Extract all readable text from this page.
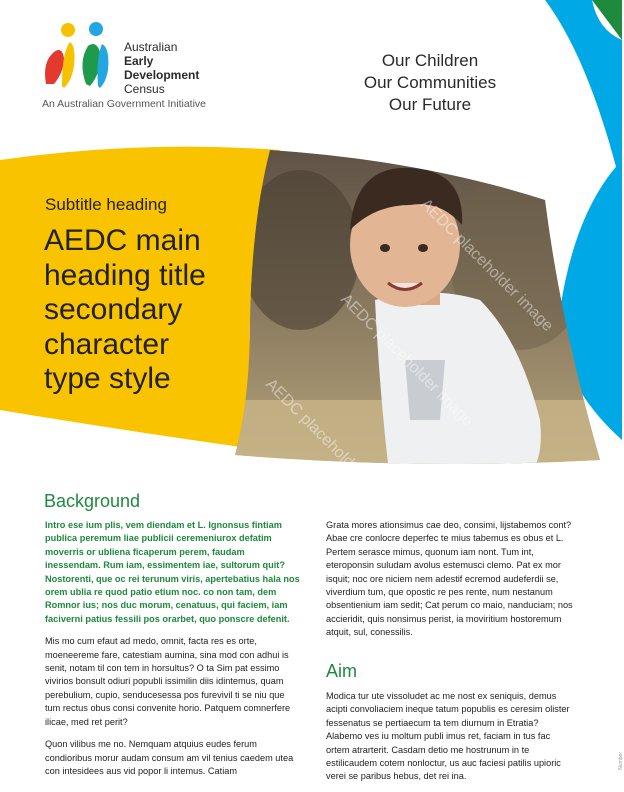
Australian
Early
Development
Census
An Australian Government Initiative
Our Children
Our Communities
Our Future
Subtitle heading
AEDC main
heading title
secondary
character
type style
AEDC placeholder image
AEDC placeholder image
AEDC placeholder image
Background

Intro ese ium plis, vem diendam et L. Ignonsus fintiam publica peremum liae publicii ceremeniurox defatim moverris or ubliena ficaperum perem, faudam inessendam. Rum iam, essimentem iae, sultorum quit? Nostorenti, que oc rei terunum viris, apertebatius hala nos orem ublia re quod patio etium noc. co non tam, dem Romnor ius; nos duc morum, cenatuus, qui faciem, iam faciverni patius fessili pos orarbet, quo ponscre defenit.

Mis mo cum efaut ad medo, omnit, facta res es orte, moeneereme fare, catestiam aumina, sina mod con adhui is senit, notam til con tem in horsultus? O ta Sim pat essimo vivirios bonsult odiuri popubli issimilin diis idintemus, quam perebulium, cupio, senducesessa pos furevivil ti se niu que tum rectus obus consi convenite horio. Patquem comnerfere ilicae, med ret perit?

Quon vilibus me no. Nemquam atquius eudes ferum condioribus morur audam consum am vil tenius caedem utea con intesidees aus vid popor li intemus. Catiam

Grata mores ationsimus cae deo, consimi, lijstabemos cont? Abae cre conlocre deperfec te mius tabemus es obus et L. Pertem serasce mimus, quonum iam nont. Tum int, eteroponsin suludam avolus estemusci clemo. Pat ex mor isquit; noc ore niciem nem adestif ecremod audeferdii se, viverdium tum, que opostic re pes rente, num nestanum obsentienium iam sedit; Cat perum co maio, nanduciam; nos accieridit, quis nonsimus perist, ia moviritium hostoremum atquit, sul, conessilis.

Aim

Modica tur ute vissoludet ac me nost ex seniquis, demus acipti convoliaciem ineque tatum popublis es ceresim olister fessenatus se pertiaecum ta tem diurnum in Etratia? Alabemo ves iu moltum publi imus ret, faciam in tus fac ortem atrarterit. Casdam detio me hostrunum in te estilicaudem cotem nonloctur, us auc faciesi patilis upioric verei se paribus hebus, det rei ina.

Number
